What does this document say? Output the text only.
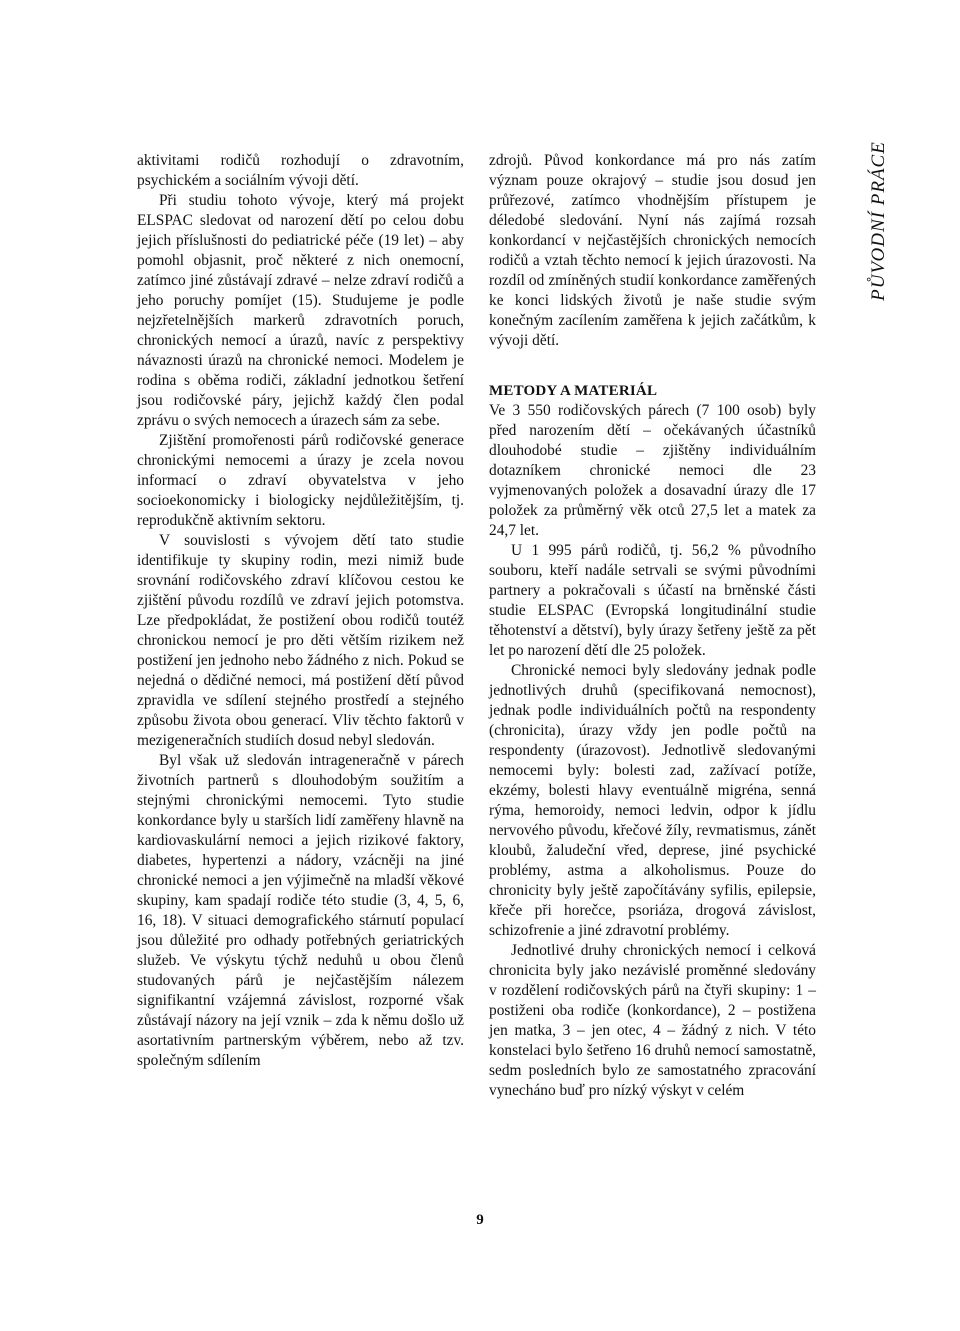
aktivitami rodičů rozhodují o zdravotním, psychickém a sociálním vývoji dětí.

Při studiu tohoto vývoje, který má projekt ELSPAC sledovat od narození dětí po celou dobu jejich příslušnosti do pediatrické péče (19 let) – aby pomohl objasnit, proč některé z nich onemocní, zatímco jiné zůstávají zdravé – nelze zdraví rodičů a jeho poruchy pomíjet (15). Studujeme je podle nejzřetelnějších markerů zdravotních poruch, chronických nemocí a úrazů, navíc z perspektivy návaznosti úrazů na chronické nemoci. Modelem je rodina s oběma rodiči, základní jednotkou šetření jsou rodičovské páry, jejichž každý člen podal zprávu o svých nemocech a úrazech sám za sebe.

Zjištění promořenosti párů rodičovské generace chronickými nemocemi a úrazy je zcela novou informací o zdraví obyvatelstva v jeho socioekonomicky i biologicky nejdůležitějším, tj. reprodukčně aktivním sektoru.

V souvislosti s vývojem dětí tato studie identifikuje ty skupiny rodin, mezi nimiž bude srovnání rodičovského zdraví klíčovou cestou ke zjištění původu rozdílů ve zdraví jejich potomstva. Lze předpokládat, že postižení obou rodičů toutéž chronickou nemocí je pro děti větším rizikem než postižení jen jednoho nebo žádného z nich. Pokud se nejedná o dědičné nemoci, má postižení dětí původ zpravidla ve sdílení stejného prostředí a stejného způsobu života obou generací. Vliv těchto faktorů v mezigeneračních studiích dosud nebyl sledován.

Byl však už sledován intrageneračně v párech životních partnerů s dlouhodobým soužitím a stejnými chronickými nemocemi. Tyto studie konkordance byly u starších lidí zaměřeny hlavně na kardiovaskulární nemoci a jejich rizikové faktory, diabetes, hypertenzi a nádory, vzácněji na jiné chronické nemoci a jen výjimečně na mladší věkové skupiny, kam spadají rodiče této studie (3, 4, 5, 6, 16, 18). V situaci demografického stárnutí populací jsou důležité pro odhady potřebných geriatrických služeb. Ve výskytu týchž neduhů u obou členů studovaných párů je nejčastějším nálezem signifikantní vzájemná závislost, rozporné však zůstávají názory na její vznik – zda k němu došlo už asortativním partnerským výběrem, nebo až tzv. společným sdílením

zdrojů. Původ konkordance má pro nás zatím význam pouze okrajový – studie jsou dosud jen průřezové, zatímco vhodnějším přístupem je déledobé sledování. Nyní nás zajímá rozsah konkordancí v nejčastějších chronických nemocích rodičů a vztah těchto nemocí k jejich úrazovosti. Na rozdíl od zmíněných studií konkordance zaměřených ke konci lidských životů je naše studie svým konečným zacílením zaměřena k jejich začátkům, k vývoji dětí.

METODY A MATERIÁL

Ve 3 550 rodičovských párech (7 100 osob) byly před narozením dětí – očekávaných účastníků dlouhodobé studie – zjištěny individuálním dotazníkem chronické nemoci dle 23 vyjmenovaných položek a dosavadní úrazy dle 17 položek za průměrný věk otců 27,5 let a matek za 24,7 let.

U 1 995 párů rodičů, tj. 56,2 % původního souboru, kteří nadále setrvali se svými původními partnery a pokračovali s účastí na brněnské části studie ELSPAC (Evropská longitudinální studie těhotenství a dětství), byly úrazy šetřeny ještě za pět let po narození dětí dle 25 položek.

Chronické nemoci byly sledovány jednak podle jednotlivých druhů (specifikovaná nemocnost), jednak podle individuálních počtů na respondenty (chronicita), úrazy vždy jen podle počtů na respondenty (úrazovost). Jednotlivě sledovanými nemocemi byly: bolesti zad, zažívací potíže, ekzémy, bolesti hlavy eventuálně migréna, senná rýma, hemoroidy, nemoci ledvin, odpor k jídlu nervového původu, křečové žíly, revmatismus, zánět kloubů, žaludeční vřed, deprese, jiné psychické problémy, astma a alkoholismus. Pouze do chronicity byly ještě započítávány syfilis, epilepsie, křeče při horečce, psoriáza, drogová závislost, schizofrenie a jiné zdravotní problémy.

Jednotlivé druhy chronických nemocí i celková chronicita byly jako nezávislé proměnné sledovány v rozdělení rodičovských párů na čtyři skupiny: 1 – postiženi oba rodiče (konkordance), 2 – postižena jen matka, 3 – jen otec, 4 – žádný z nich. V této konstelaci bylo šetřeno 16 druhů nemocí samostatně, sedm posledních bylo ze samostatného zpracování vynecháno buď pro nízký výskyt v celém

PŮVODNÍ PRÁCE
9
